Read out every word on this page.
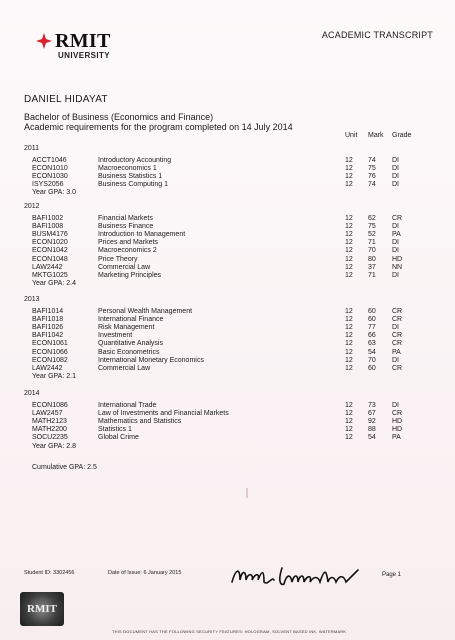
RMIT
UNIVERSITY
ACADEMIC TRANSCRIPT
DANIEL HIDAYAT
Bachelor of Business (Economics and Finance)
Academic requirements for the program completed on 14 July 2014
Unit Mark Grade
2011
ACCT1046	Introductory Accounting	12 74 DI
ECON1010	Macroeconomics 1	12 75 DI
ECON1030	Business Statistics 1	12 76 DI
ISYS2056	Business Computing 1	12 74 DI
Year GPA: 3.0
2012
BAFI1002	Financial Markets	12 62 CR
BAFI1008	Business Finance	12 75 DI
BUSM4176	Introduction to Management	12 52 PA
ECON1020	Prices and Markets	12 71 DI
ECON1042	Macroeconomics 2	12 70 DI
ECON1048	Price Theory	12 80 HD
LAW2442	Commercial Law	12 37 NN
MKTG1025	Marketing Principles	12 71 DI
Year GPA: 2.4
2013
BAFI1014	Personal Wealth Management	12 60 CR
BAFI1018	International Finance	12 60 CR
BAFI1026	Risk Management	12 77 DI
BAFI1042	Investment	12 66 CR
ECON1061	Quantitative Analysis	12 63 CR
ECON1066	Basic Econometrics	12 54 PA
ECON1082	International Monetary Economics	12 70 DI
LAW2442	Commercial Law	12 60 CR
Year GPA: 2.1
2014
ECON1086	International Trade	12 73 DI
LAW2457	Law of Investments and Financial Markets	12 67 CR
MATH2123	Mathematics and Statistics	12 92 HD
MATH2200	Statistics 1	12 88 HD
SOCU2235	Global Crime	12 54 PA
Year GPA: 2.8
Cumulative GPA: 2.5
Student ID: 3302456	Date of Issue: 6 January 2015	Page 1
RMIT
THIS DOCUMENT HAS THE FOLLOWING SECURITY FEATURES: HOLOGRAM, SOLVENT BASED INK, WATERMARK
